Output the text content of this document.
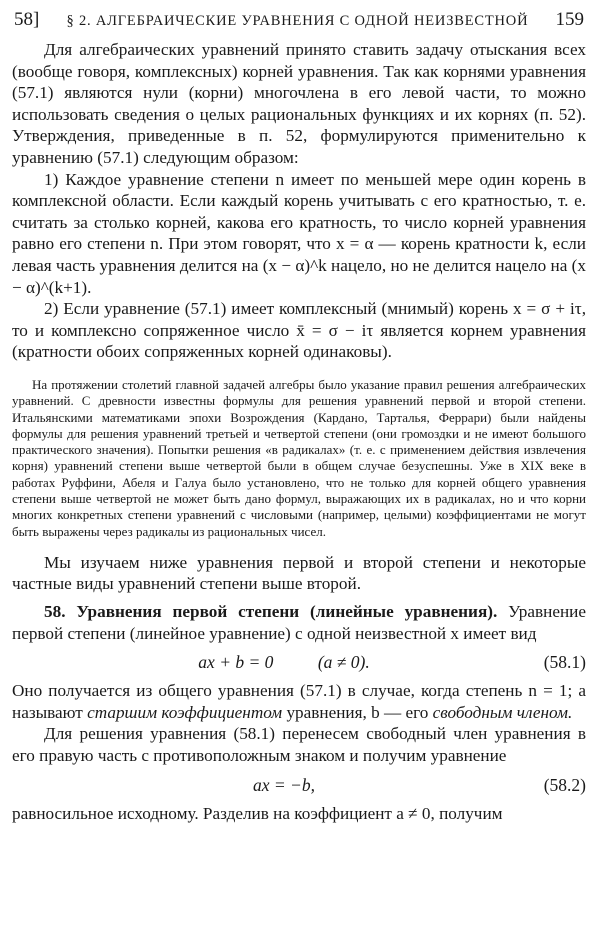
58] § 2. АЛГЕБРАИЧЕСКИЕ УРАВНЕНИЯ С ОДНОЙ НЕИЗВЕСТНОЙ 159

Для алгебраических уравнений принято ставить задачу отыскания всех (вообще говоря, комплексных) корней уравнения. Так как корнями уравнения (57.1) являются нули (корни) многочлена в его левой части, то можно использовать сведения о целых рациональных функциях и их корнях (п. 52). Утверждения, приведенные в п. 52, формулируются применительно к уравнению (57.1) следующим образом:

1) Каждое уравнение степени n имеет по меньшей мере один корень в комплексной области. Если каждый корень учитывать с его кратностью, т. е. считать за столько корней, какова его кратность, то число корней уравнения равно его степени n. При этом говорят, что x = α — корень кратности k, если левая часть уравнения делится на (x − α)^k нацело, но не делится нацело на (x − α)^(k+1).

2) Если уравнение (57.1) имеет комплексный (мнимый) корень x = σ + iτ, то и комплексно сопряженное число x̄ = σ − iτ является корнем уравнения (кратности обоих сопряженных корней одинаковы).

На протяжении столетий главной задачей алгебры было указание правил решения алгебраических уравнений. С древности известны формулы для решения уравнений первой и второй степени. Итальянскими математиками эпохи Возрождения (Кардано, Тарталья, Феррари) были найдены формулы для решения уравнений третьей и четвертой степени (они громоздки и не имеют большого практического значения). Попытки решения «в радикалах» (т. е. с применением действия извлечения корня) уравнений степени выше четвертой были в общем случае безуспешны. Уже в XIX веке в работах Руффини, Абеля и Галуа было установлено, что не только для корней общего уравнения степени выше четвертой не может быть дано формул, выражающих их в радикалах, но и что корни многих конкретных степени уравнений с числовыми (например, целыми) коэффициентами не могут быть выражены через радикалы из рациональных чисел.

Мы изучаем ниже уравнения первой и второй степени и некоторые частные виды уравнений степени выше второй.

58. Уравнения первой степени (линейные уравнения). Уравнение первой степени (линейное уравнение) с одной неизвестной x имеет вид

ax + b = 0	(a ≠ 0).	(58.1)

Оно получается из общего уравнения (57.1) в случае, когда степень n = 1; a называют старшим коэффициентом уравнения, b — его свободным членом.

Для решения уравнения (58.1) перенесем свободный член уравнения в его правую часть с противоположным знаком и получим уравнение

ax = −b,	(58.2)

равносильное исходному. Разделив на коэффициент a ≠ 0, получим
